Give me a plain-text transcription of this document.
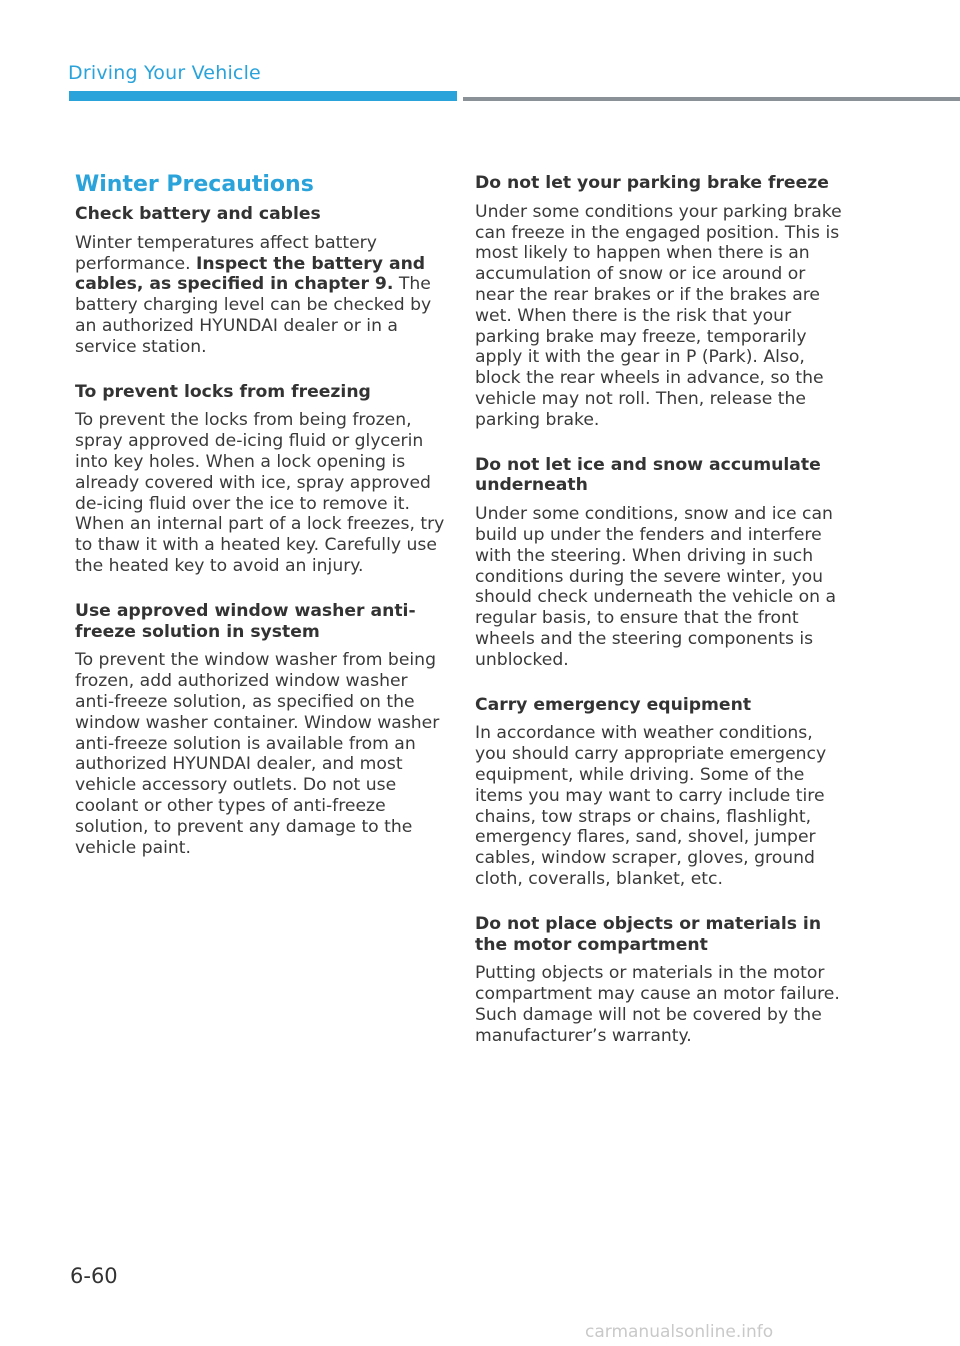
Driving Your Vehicle
Winter Precautions
Check battery and cables
Winter temperatures affect battery performance. Inspect the battery and cables, as specified in chapter 9. The battery charging level can be checked by an authorized HYUNDAI dealer or in a service station.
To prevent locks from freezing
To prevent the locks from being frozen, spray approved de-icing fluid or glycerin into key holes. When a lock opening is already covered with ice, spray approved de-icing fluid over the ice to remove it. When an internal part of a lock freezes, try to thaw it with a heated key. Carefully use the heated key to avoid an injury.
Use approved window washer anti-freeze solution in system
To prevent the window washer from being frozen, add authorized window washer anti-freeze solution, as specified on the window washer container. Window washer anti-freeze solution is available from an authorized HYUNDAI dealer, and most vehicle accessory outlets. Do not use coolant or other types of anti-freeze solution, to prevent any damage to the vehicle paint.
Do not let your parking brake freeze
Under some conditions your parking brake can freeze in the engaged position. This is most likely to happen when there is an accumulation of snow or ice around or near the rear brakes or if the brakes are wet. When there is the risk that your parking brake may freeze, temporarily apply it with the gear in P (Park). Also, block the rear wheels in advance, so the vehicle may not roll. Then, release the parking brake.
Do not let ice and snow accumulate underneath
Under some conditions, snow and ice can build up under the fenders and interfere with the steering. When driving in such conditions during the severe winter, you should check underneath the vehicle on a regular basis, to ensure that the front wheels and the steering components is unblocked.
Carry emergency equipment
In accordance with weather conditions, you should carry appropriate emergency equipment, while driving. Some of the items you may want to carry include tire chains, tow straps or chains, flashlight, emergency flares, sand, shovel, jumper cables, window scraper, gloves, ground cloth, coveralls, blanket, etc.
Do not place objects or materials in the motor compartment
Putting objects or materials in the motor compartment may cause an motor failure. Such damage will not be covered by the manufacturer’s warranty.
6-60
carmanualsonline.info
